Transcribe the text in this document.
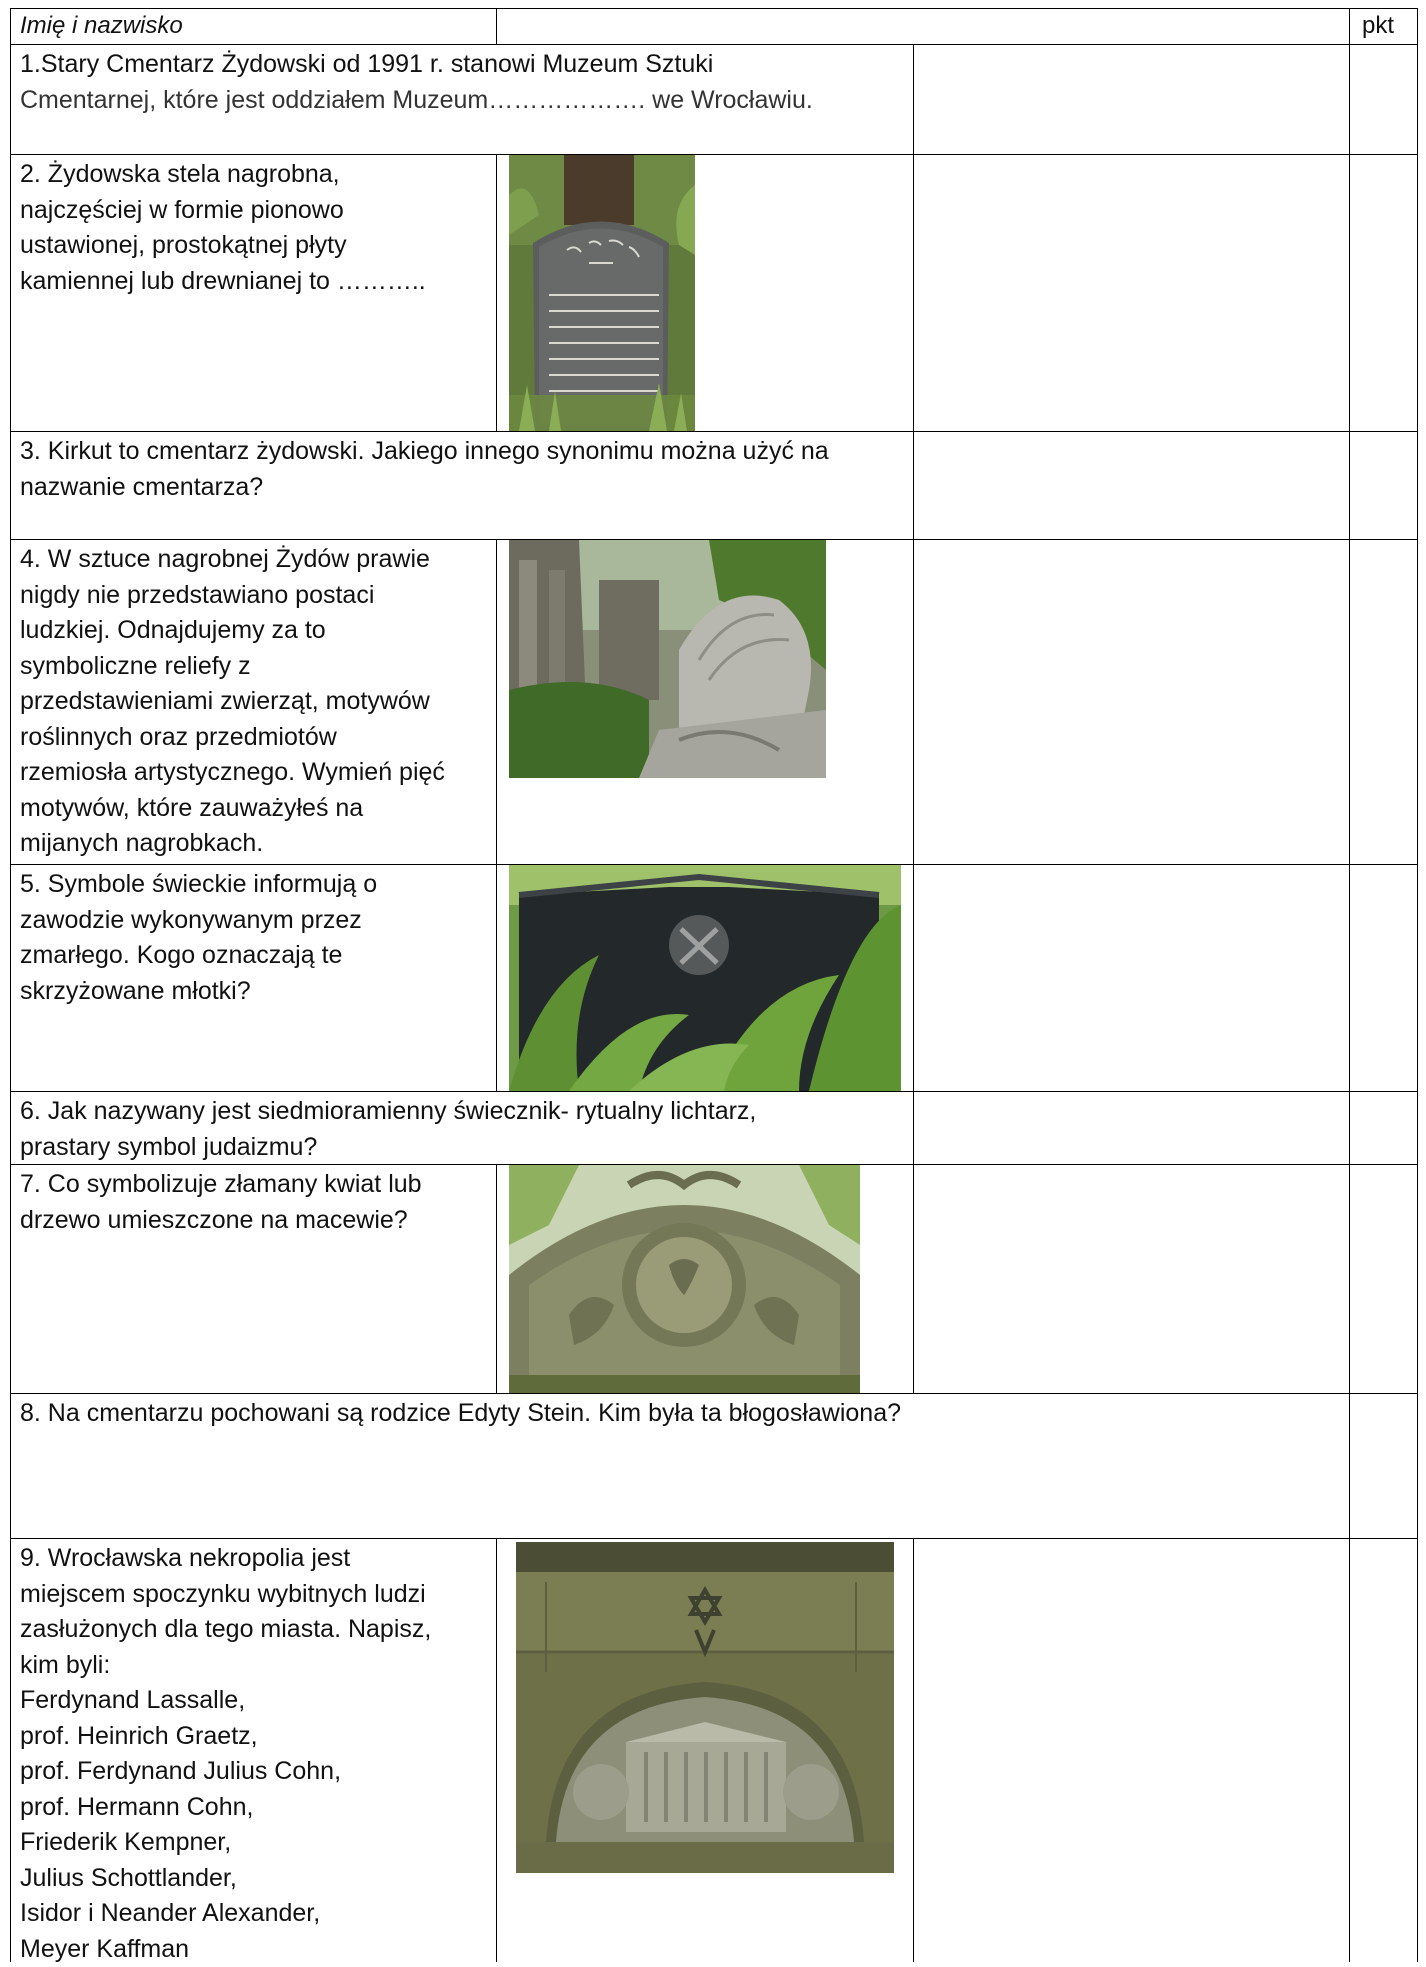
Imię i nazwisko	pkt
1.Stary Cmentarz Żydowski od 1991 r. stanowi Muzeum Sztuki
Cmentarnej, które jest oddziałem Muzeum………………. we Wrocławiu.
2. Żydowska stela nagrobna,
najczęściej w formie pionowo
ustawionej, prostokątnej płyty
kamiennej lub drewnianej to ………..
3. Kirkut to cmentarz żydowski. Jakiego innego synonimu można użyć na
nazwanie cmentarza?
4. W sztuce nagrobnej Żydów prawie
nigdy nie przedstawiano postaci
ludzkiej. Odnajdujemy za to
symboliczne reliefy z
przedstawieniami zwierząt, motywów
roślinnych oraz przedmiotów
rzemiosła artystycznego. Wymień pięć
motywów, które zauważyłeś na
mijanych nagrobkach.
5. Symbole świeckie informują o
zawodzie wykonywanym przez
zmarłego. Kogo oznaczają te
skrzyżowane młotki?
6. Jak nazywany jest siedmioramienny świecznik- rytualny lichtarz,
prastary symbol judaizmu?
7. Co symbolizuje złamany kwiat lub
drzewo umieszczone na macewie?
8. Na cmentarzu pochowani są rodzice Edyty Stein. Kim była ta błogosławiona?
9. Wrocławska nekropolia jest
miejscem spoczynku wybitnych ludzi
zasłużonych dla tego miasta. Napisz,
kim byli:
Ferdynand Lassalle,
prof. Heinrich Graetz,
prof. Ferdynand Julius Cohn,
prof. Hermann Cohn,
Friederik Kempner,
Julius Schottlander,
Isidor i Neander Alexander,
Meyer Kaffman
